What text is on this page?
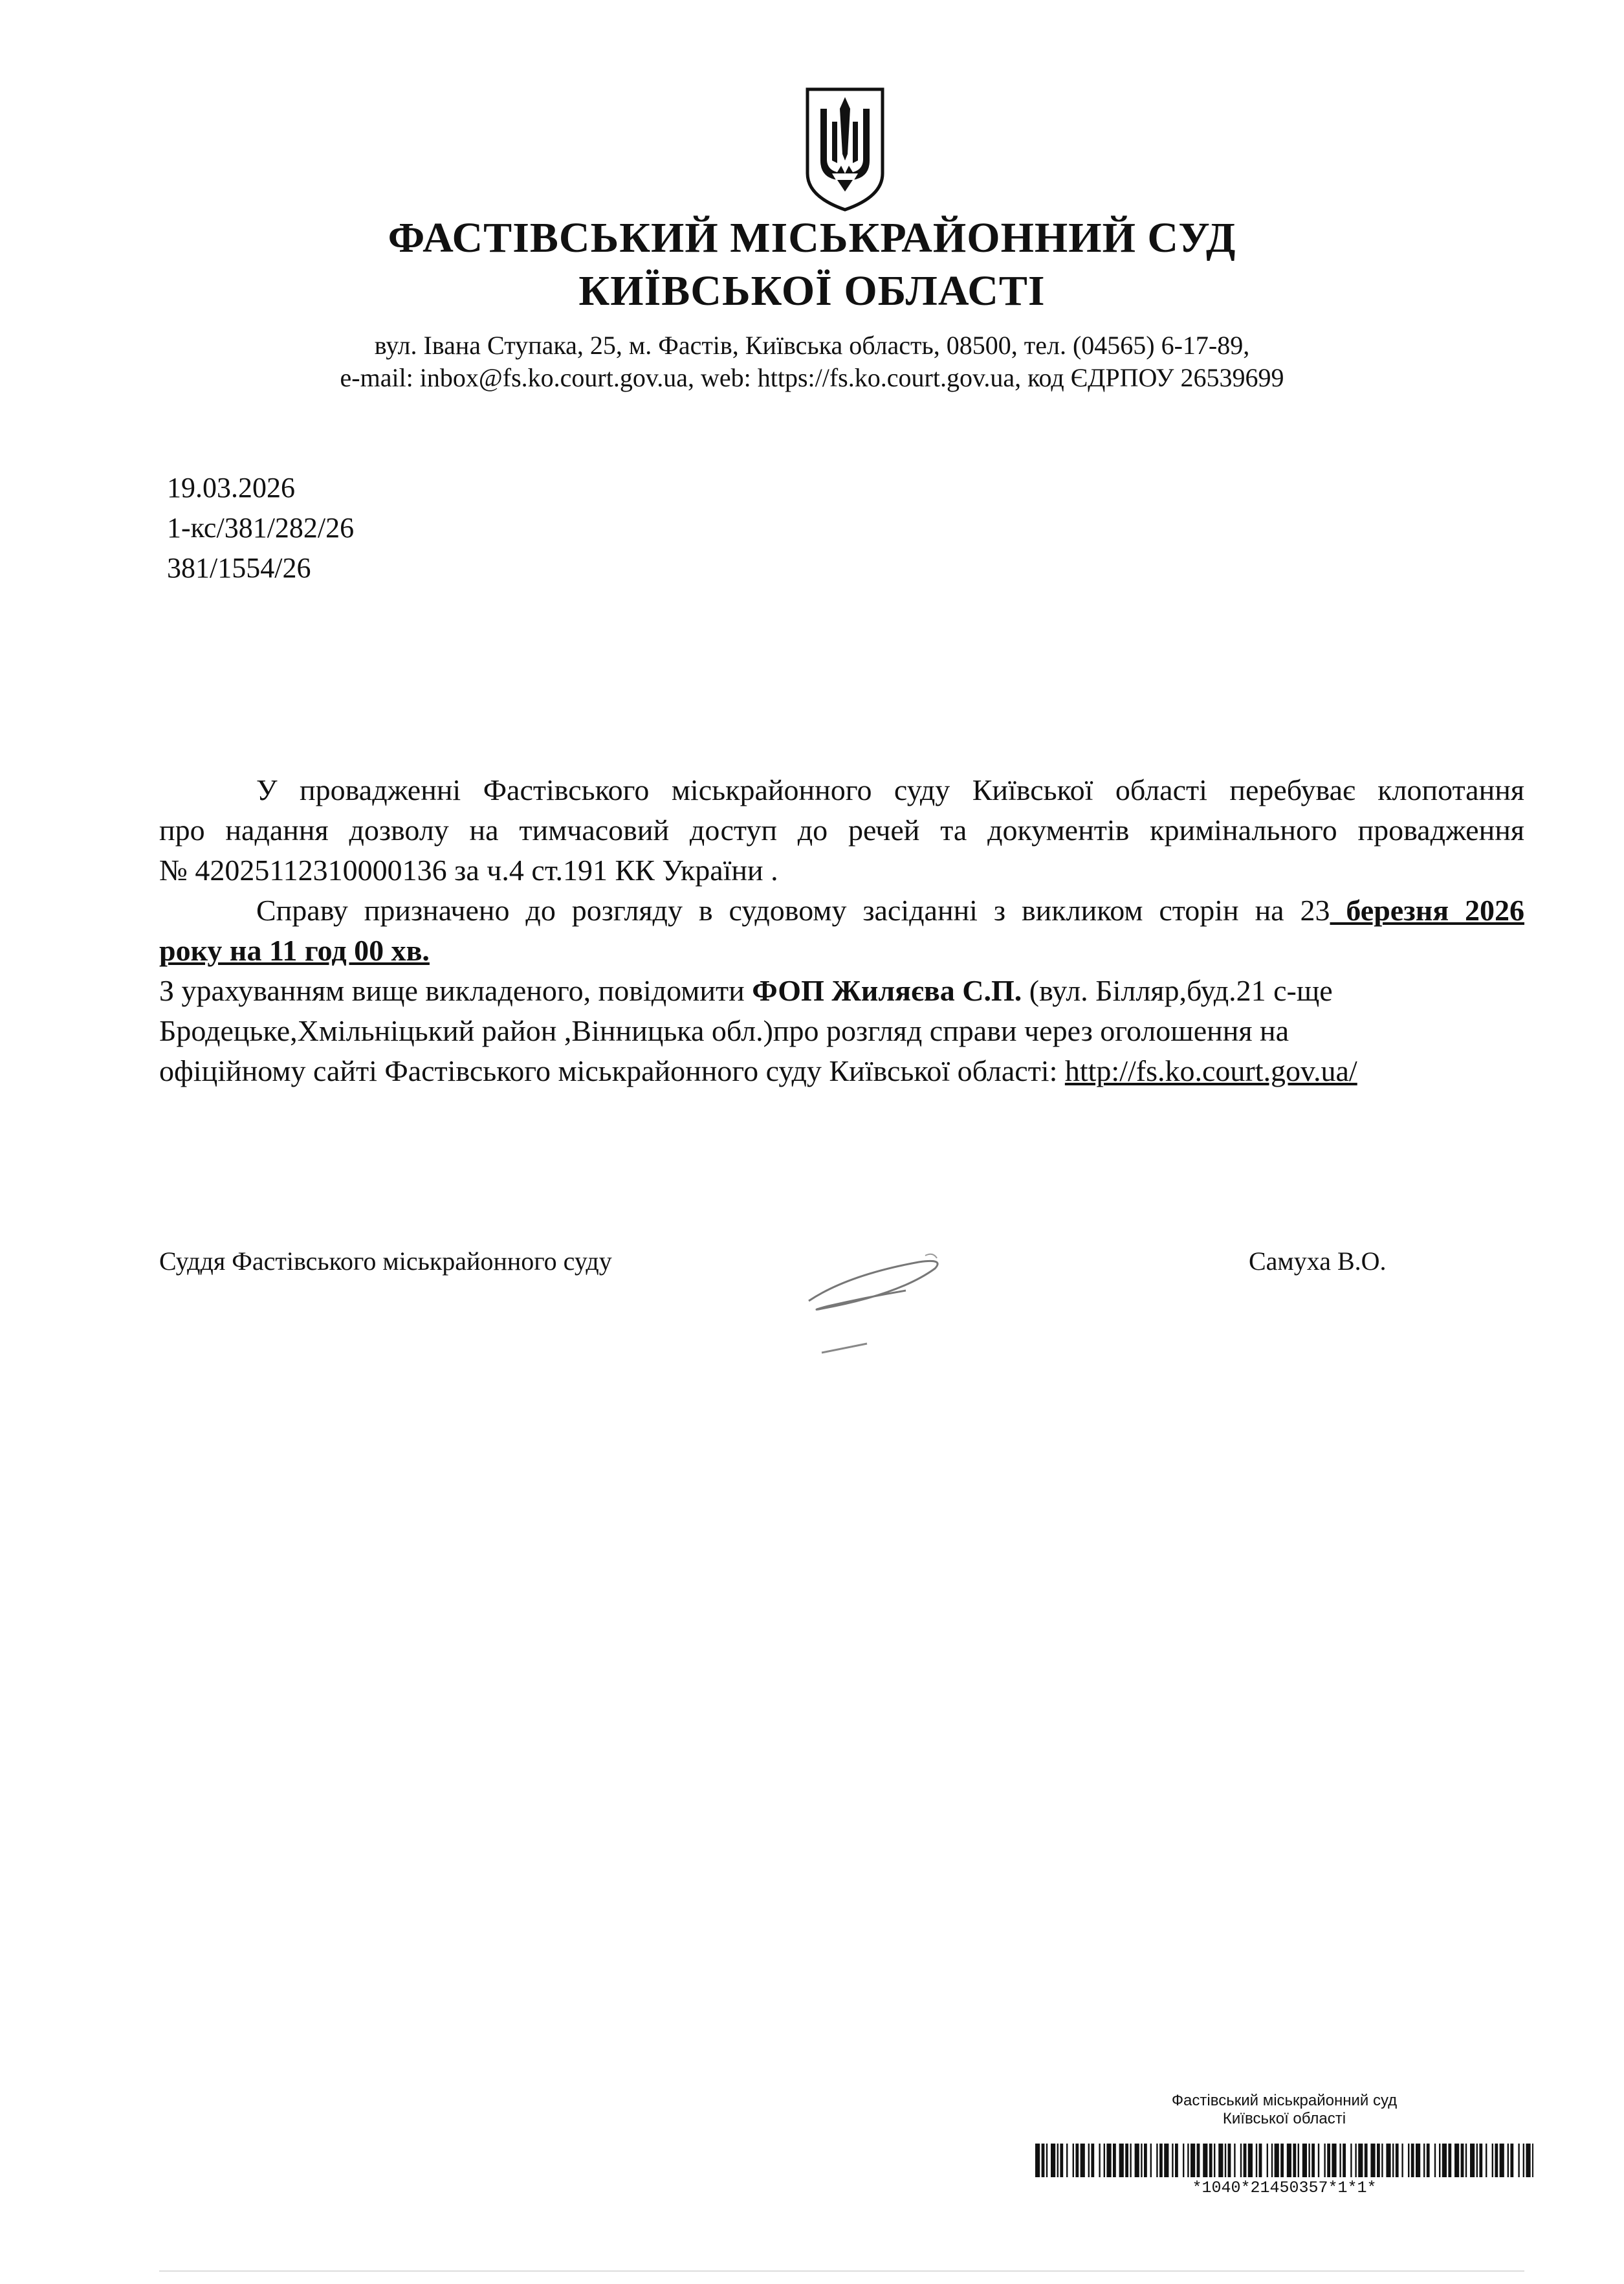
ФАСТІВСЬКИЙ МІСЬКРАЙОННИЙ СУД
КИЇВСЬКОЇ ОБЛАСТІ
вул. Івана Ступака, 25, м. Фастів, Київська область, 08500, тел. (04565) 6-17-89,
e-mail: inbox@fs.ko.court.gov.ua, web: https://fs.ko.court.gov.ua, код ЄДРПОУ 26539699
19.03.2026
1-кс/381/282/26
381/1554/26

У провадженні Фастівського міськрайонного суду Київської області перебуває клопотання

про надання дозволу на тимчасовий доступ до речей та документів кримінального провадження

№ 42025112310000136 за ч.4 ст.191 КК України .

Справу призначено до розгляду в судовому засіданні з викликом сторін на 23 березня 2026

року на 11 год 00 хв.

З урахуванням вище викладеного, повідомити ФОП Жиляєва С.П. (вул. Білляр,буд.21 с-ще

Бродецьке,Хмільніцький район ,Вінницька обл.)про розгляд справи через оголошення на

офіційному сайті Фастівського міськрайонного суду Київської області: http://fs.ko.court.gov.ua/

Суддя Фастівського міськрайонного суду	Самуха В.О.
Фастівський міськрайонний суд
Київської області
*1040*21450357*1*1*
